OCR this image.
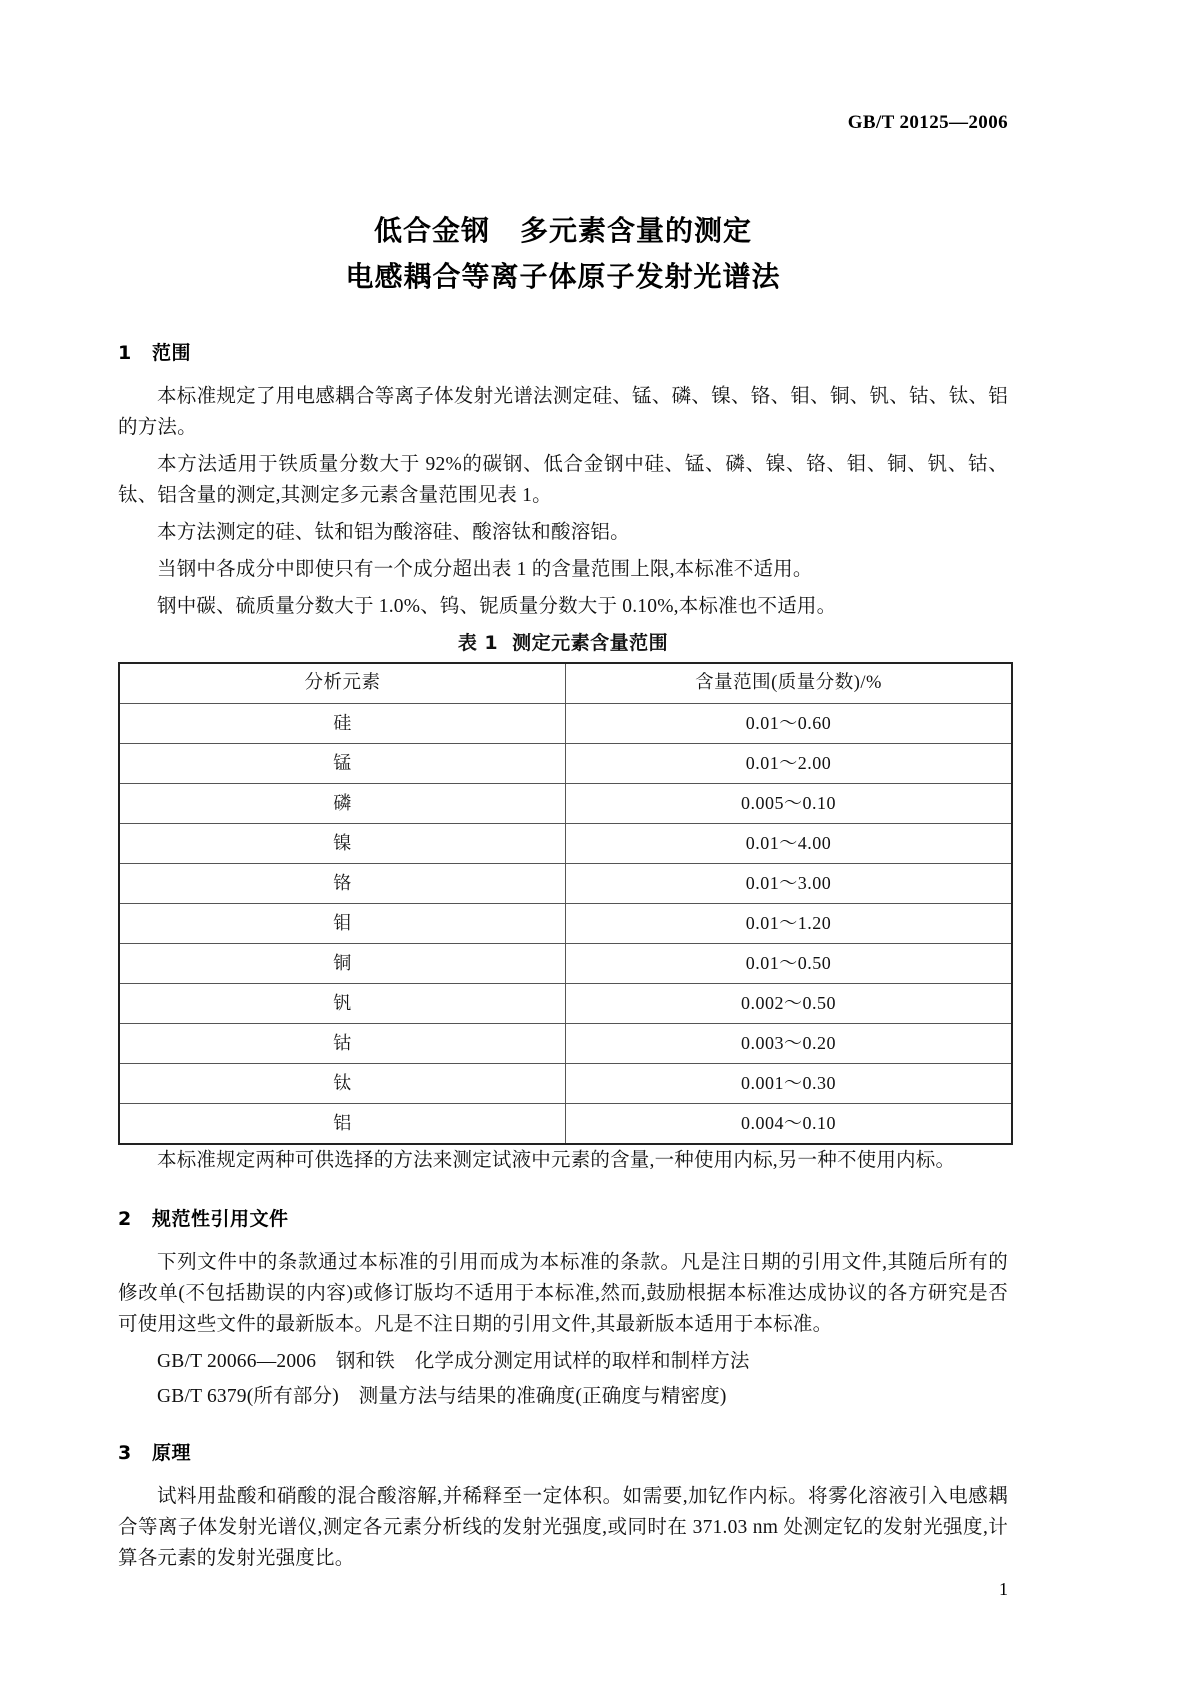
GB/T 20125—2006
低合金钢 多元素含量的测定
电感耦合等离子体原子发射光谱法
1 范围

本标准规定了用电感耦合等离子体发射光谱法测定硅、锰、磷、镍、铬、钼、铜、钒、钴、钛、铝的方法。

本方法适用于铁质量分数大于 92%的碳钢、低合金钢中硅、锰、磷、镍、铬、钼、铜、钒、钴、钛、铝含量的测定,其测定多元素含量范围见表 1。

本方法测定的硅、钛和铝为酸溶硅、酸溶钛和酸溶铝。

当钢中各成分中即使只有一个成分超出表 1 的含量范围上限,本标准不适用。

钢中碳、硫质量分数大于 1.0%、钨、铌质量分数大于 0.10%,本标准也不适用。

表 1 测定元素含量范围
分析元素	含量范围(质量分数)/%
硅	0.01～0.60
锰	0.01～2.00
磷	0.005～0.10
镍	0.01～4.00
铬	0.01～3.00
钼	0.01～1.20
铜	0.01～0.50
钒	0.002～0.50
钴	0.003～0.20
钛	0.001～0.30
铝	0.004～0.10

本标准规定两种可供选择的方法来测定试液中元素的含量,一种使用内标,另一种不使用内标。

2 规范性引用文件

下列文件中的条款通过本标准的引用而成为本标准的条款。凡是注日期的引用文件,其随后所有的修改单(不包括勘误的内容)或修订版均不适用于本标准,然而,鼓励根据本标准达成协议的各方研究是否可使用这些文件的最新版本。凡是不注日期的引用文件,其最新版本适用于本标准。

GB/T 20066—2006　钢和铁　化学成分测定用试样的取样和制样方法

GB/T 6379(所有部分)　测量方法与结果的准确度(正确度与精密度)

3 原理

试料用盐酸和硝酸的混合酸溶解,并稀释至一定体积。如需要,加钇作内标。将雾化溶液引入电感耦合等离子体发射光谱仪,测定各元素分析线的发射光强度,或同时在 371.03 nm 处测定钇的发射光强度,计算各元素的发射光强度比。

1
